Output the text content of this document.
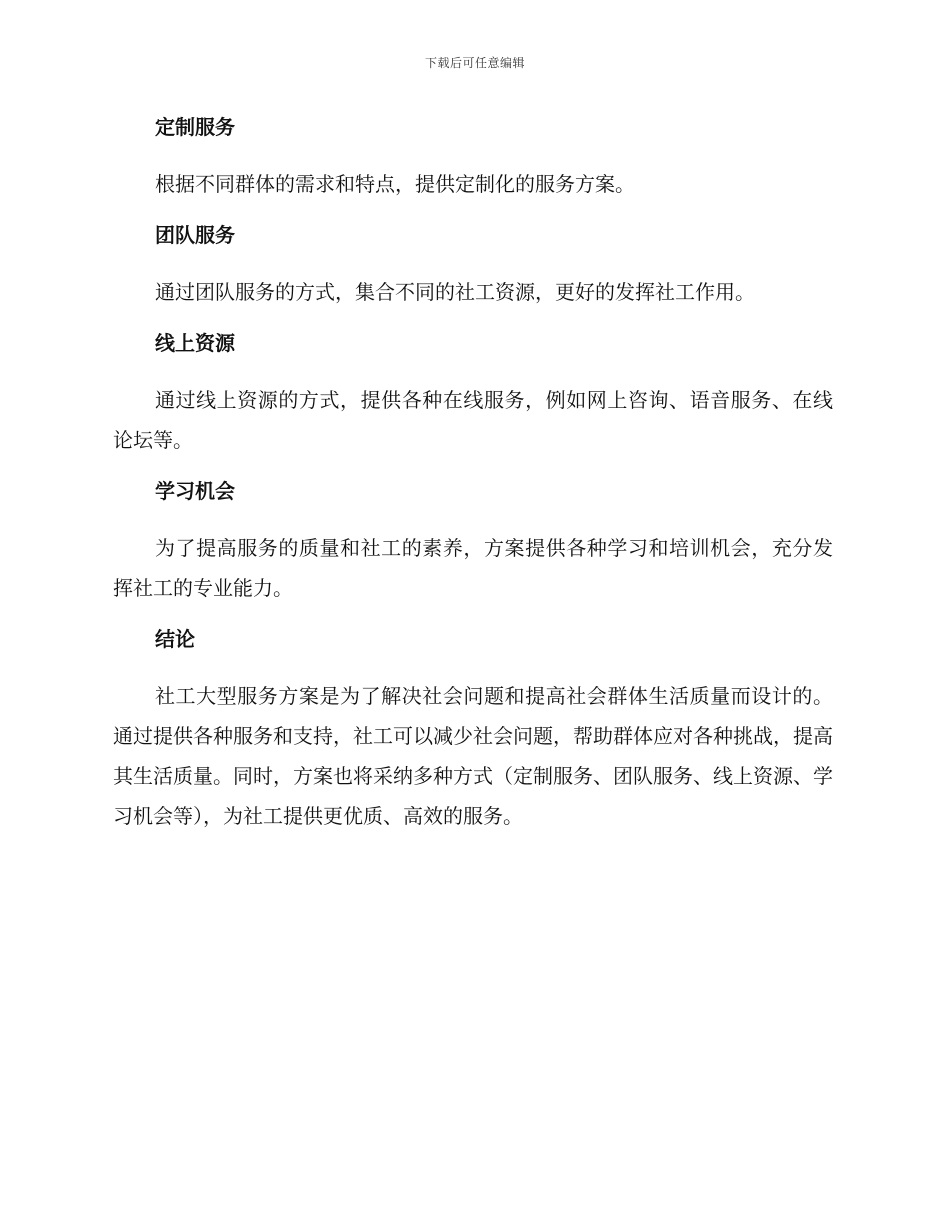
下载后可任意编辑
定制服务

根据不同群体的需求和特点，提供定制化的服务方案。

团队服务

通过团队服务的方式，集合不同的社工资源，更好的发挥社工作用。

线上资源

通过线上资源的方式，提供各种在线服务，例如网上咨询、语音服务、在线论坛等。

学习机会

为了提高服务的质量和社工的素养，方案提供各种学习和培训机会，充分发挥社工的专业能力。

结论

社工大型服务方案是为了解决社会问题和提高社会群体生活质量而设计的。通过提供各种服务和支持，社工可以减少社会问题，帮助群体应对各种挑战，提高其生活质量。同时，方案也将采纳多种方式（定制服务、团队服务、线上资源、学习机会等），为社工提供更优质、高效的服务。
